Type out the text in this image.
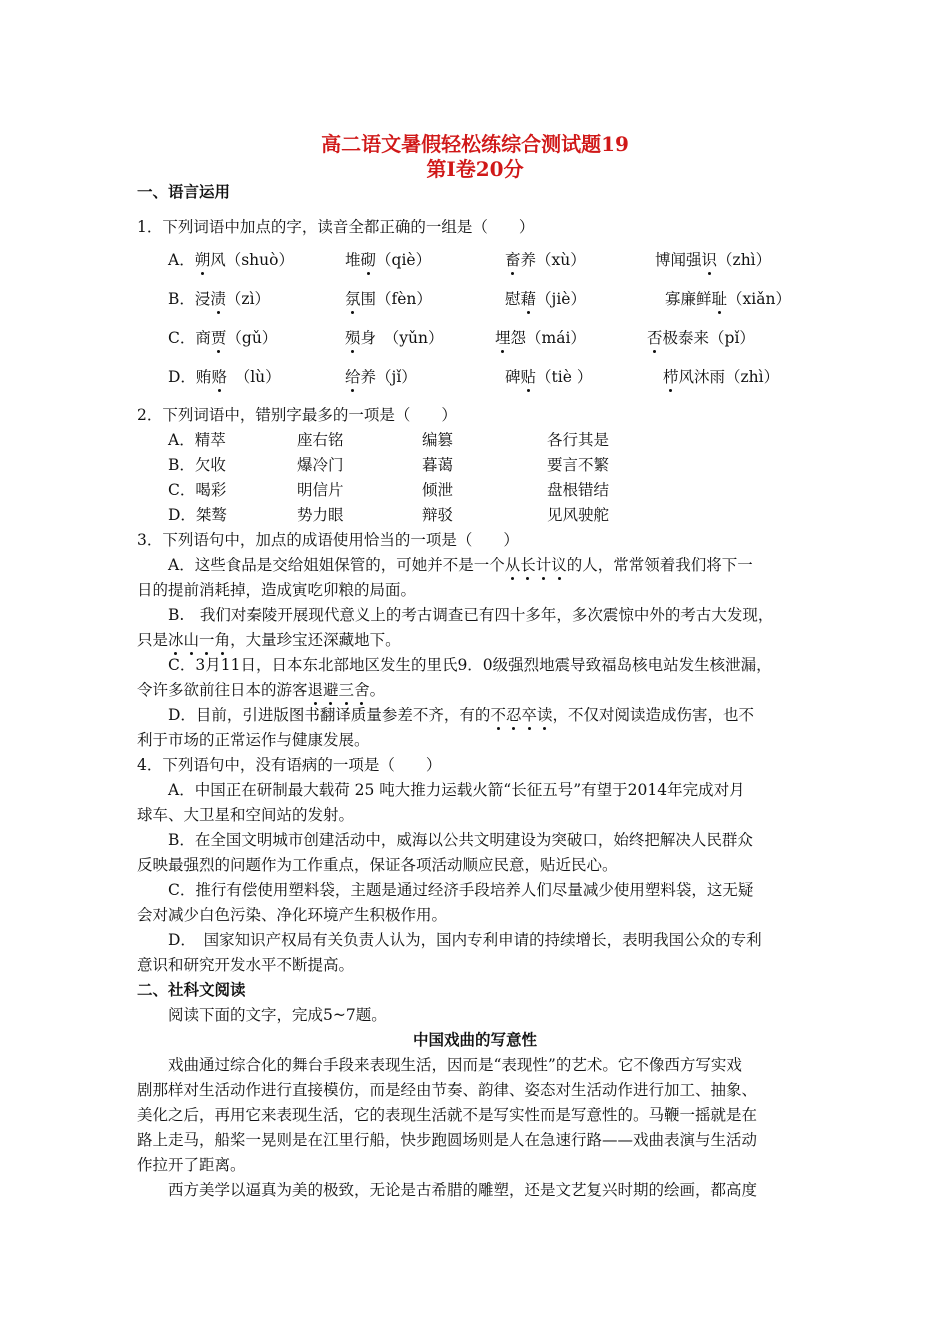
高二语文暑假轻松练综合测试题19
第Ⅰ卷20分
一、语言运用
1．下列词语中加点的字，读音全都正确的一组是（　　）
A．朔风（shuò）	堆砌（qiè）	畜养（xù）	博闻强识（zhì）
B．浸渍（zì）	氛围（fèn）	慰藉（jiè）	寡廉鲜耻（xiǎn）
C．商贾（gǔ）	殒身　（yǔn）	埋怨（mái）	否极泰来（pǐ）
D．贿赂　（lù）	给养（jǐ）	碑贴（tiè ）	栉风沐雨（zhì）
2．下列词语中，错别字最多的一项是（　　）
A．精萃	座右铭	编篡	各行其是
B．欠收	爆冷门	暮蔼	要言不繁
C．喝彩	明信片	倾泄	盘根错结
D．桀骜	势力眼	辩驳	见风驶舵
3．下列语句中，加点的成语使用恰当的一项是（　　）
A．这些食品是交给姐姐保管的，可她并不是一个从长计议的人，常常领着我们将下一
日的提前消耗掉，造成寅吃卯粮的局面。
B.　我们对秦陵开展现代意义上的考古调查已有四十多年，多次震惊中外的考古大发现，
只是冰山一角，大量珍宝还深藏地下。
C．3月11日，日本东北部地区发生的里氏9．0级强烈地震导致福岛核电站发生核泄漏，
令许多欲前往日本的游客退避三舍。
D．目前，引进版图书翻译质量参差不齐，有的不忍卒读，不仅对阅读造成伤害，也不
利于市场的正常运作与健康发展。
4．下列语句中，没有语病的一项是（　　）
A．中国正在研制最大载荷 25 吨大推力运载火箭“长征五号”有望于2014年完成对月
球车、大卫星和空间站的发射。
B．在全国文明城市创建活动中，威海以公共文明建设为突破口，始终把解决人民群众
反映最强烈的问题作为工作重点，保证各项活动顺应民意，贴近民心。
C．推行有偿使用塑料袋，主题是通过经济手段培养人们尽量减少使用塑料袋，这无疑
会对减少白色污染、净化环境产生积极作用。
D．　国家知识产权局有关负责人认为，国内专利申请的持续增长，表明我国公众的专利
意识和研究开发水平不断提高。
二、社科文阅读
阅读下面的文字，完成5~7题。
中国戏曲的写意性
戏曲通过综合化的舞台手段来表现生活，因而是“表现性”的艺术。它不像西方写实戏
剧那样对生活动作进行直接模仿，而是经由节奏、韵律、姿态对生活动作进行加工、抽象、
美化之后，再用它来表现生活，它的表现生活就不是写实性而是写意性的。马鞭一摇就是在
路上走马，船桨一晃则是在江里行船，快步跑圆场则是人在急速行路——戏曲表演与生活动
作拉开了距离。
西方美学以逼真为美的极致，无论是古希腊的雕塑，还是文艺复兴时期的绘画，都高度
